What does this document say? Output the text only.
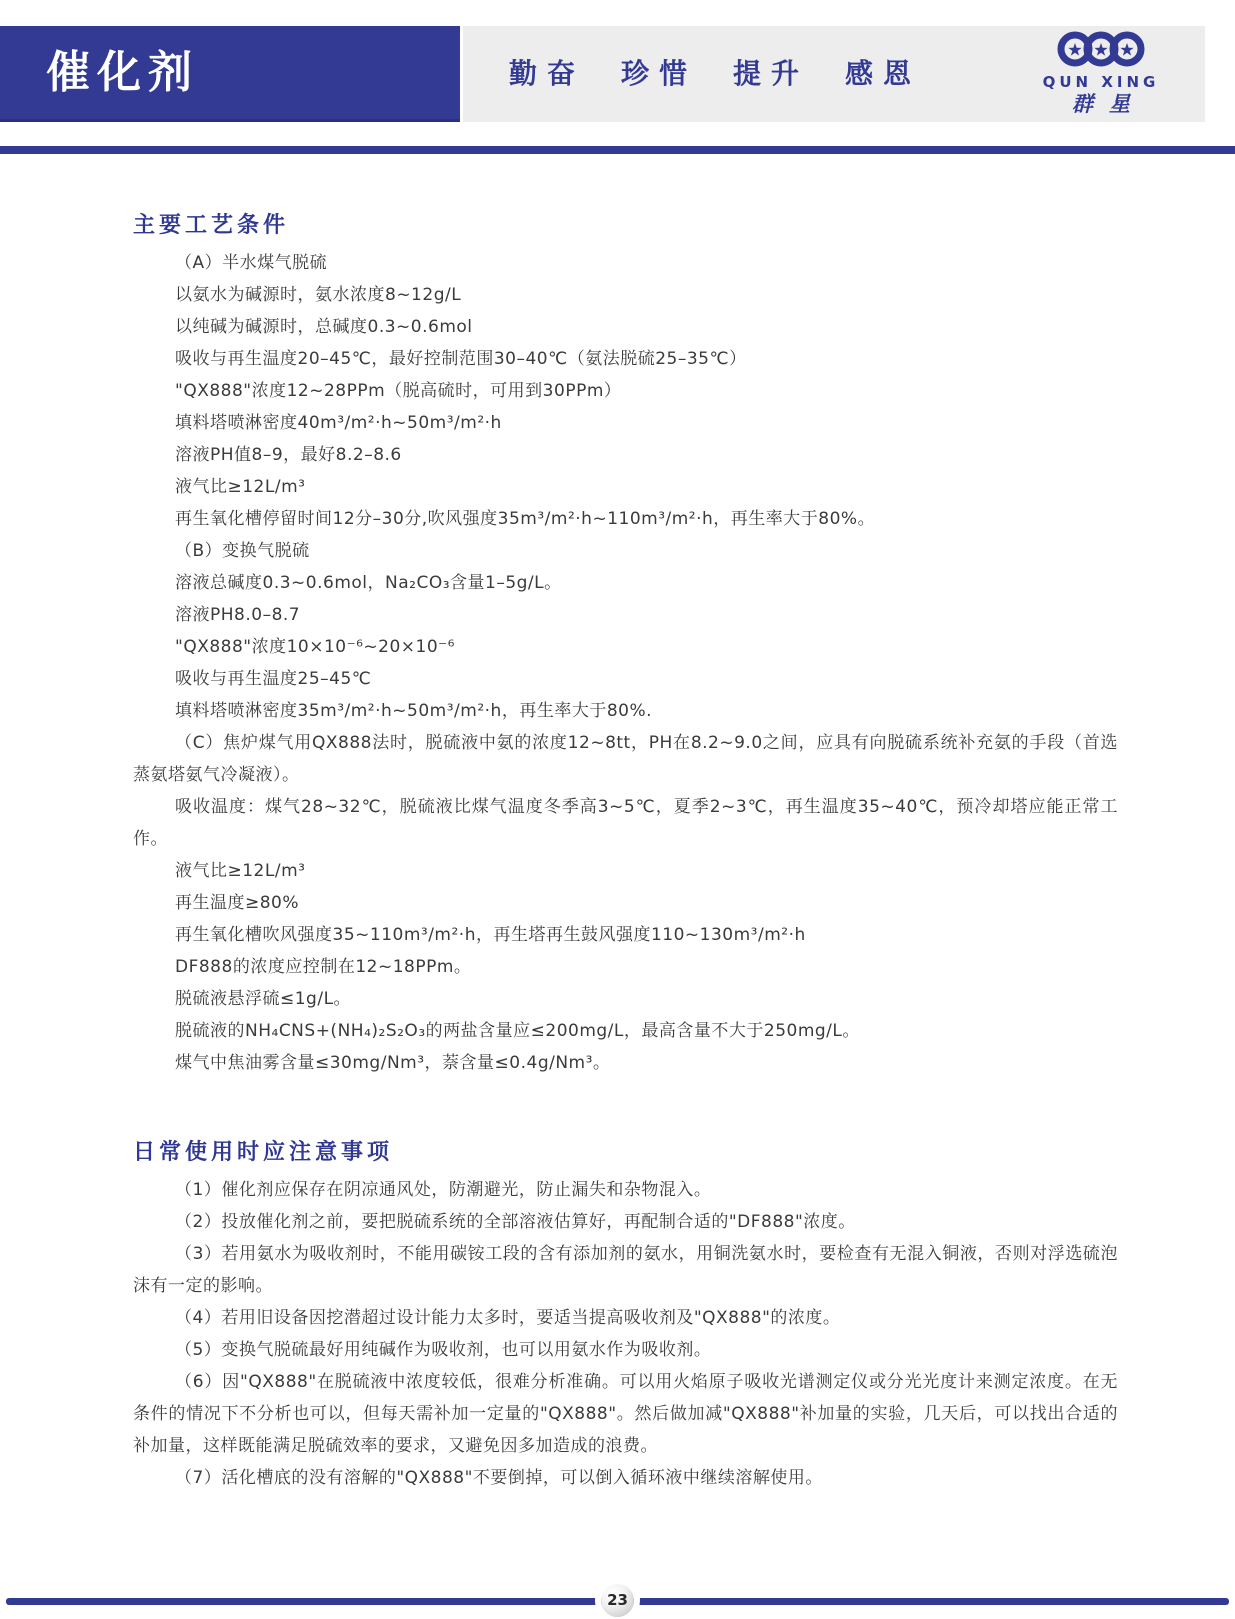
催化剂	勤奋 珍惜 提升 感恩	QUN XING
群星
主要工艺条件

（A）半水煤气脱硫

以氨水为碱源时，氨水浓度8~12g/L

以纯碱为碱源时，总碱度0.3~0.6mol

吸收与再生温度20–45℃，最好控制范围30–40℃（氨法脱硫25–35℃）

"QX888"浓度12~28PPm（脱高硫时，可用到30PPm）

填料塔喷淋密度40m³/m²·h~50m³/m²·h

溶液PH值8–9，最好8.2–8.6

液气比≥12L/m³

再生氧化槽停留时间12分–30分,吹风强度35m³/m²·h~110m³/m²·h，再生率大于80%。

（B）变换气脱硫

溶液总碱度0.3~0.6mol，Na₂CO₃含量1–5g/L。

溶液PH8.0–8.7

"QX888"浓度10×10⁻⁶~20×10⁻⁶

吸收与再生温度25–45℃

填料塔喷淋密度35m³/m²·h~50m³/m²·h，再生率大于80%.

（C）焦炉煤气用QX888法时，脱硫液中氨的浓度12~8tt，PH在8.2~9.0之间，应具有向脱硫系统补充氨的手段（首选蒸氨塔氨气冷凝液）。

吸收温度：煤气28~32℃，脱硫液比煤气温度冬季高3~5℃，夏季2~3℃，再生温度35~40℃，预冷却塔应能正常工作。

液气比≥12L/m³

再生温度≥80%

再生氧化槽吹风强度35~110m³/m²·h，再生塔再生鼓风强度110~130m³/m²·h

DF888的浓度应控制在12~18PPm。

脱硫液悬浮硫≤1g/L。

脱硫液的NH₄CNS+(NH₄)₂S₂O₃的两盐含量应≤200mg/L，最高含量不大于250mg/L。

煤气中焦油雾含量≤30mg/Nm³，萘含量≤0.4g/Nm³。

日常使用时应注意事项

（1）催化剂应保存在阴凉通风处，防潮避光，防止漏失和杂物混入。

（2）投放催化剂之前，要把脱硫系统的全部溶液估算好，再配制合适的"DF888"浓度。

（3）若用氨水为吸收剂时，不能用碳铵工段的含有添加剂的氨水，用铜洗氨水时，要检查有无混入铜液，否则对浮选硫泡沫有一定的影响。

（4）若用旧设备因挖潜超过设计能力太多时，要适当提高吸收剂及"QX888"的浓度。

（5）变换气脱硫最好用纯碱作为吸收剂，也可以用氨水作为吸收剂。

（6）因"QX888"在脱硫液中浓度较低，很难分析准确。可以用火焰原子吸收光谱测定仪或分光光度计来测定浓度。在无条件的情况下不分析也可以，但每天需补加一定量的"QX888"。然后做加减"QX888"补加量的实验，几天后，可以找出合适的补加量，这样既能满足脱硫效率的要求，又避免因多加造成的浪费。

（7）活化槽底的没有溶解的"QX888"不要倒掉，可以倒入循环液中继续溶解使用。

23
